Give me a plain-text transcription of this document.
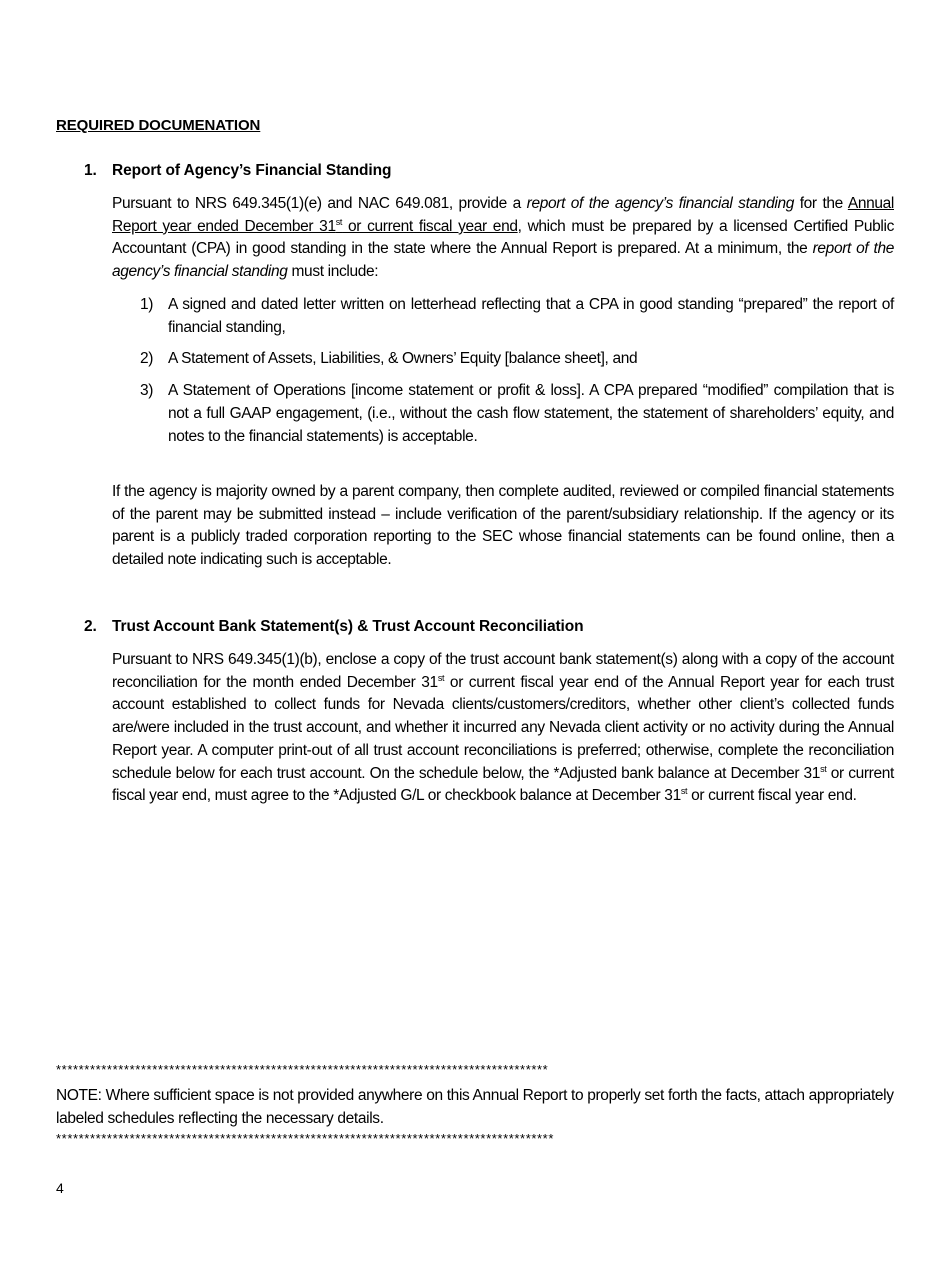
REQUIRED DOCUMENATION
1. Report of Agency’s Financial Standing

Pursuant to NRS 649.345(1)(e) and NAC 649.081, provide a report of the agency’s financial standing for the Annual Report year ended December 31st or current fiscal year end, which must be prepared by a licensed Certified Public Accountant (CPA) in good standing in the state where the Annual Report is prepared. At a minimum, the report of the agency’s financial standing must include:

1) A signed and dated letter written on letterhead reflecting that a CPA in good standing “prepared” the report of financial standing,
2) A Statement of Assets, Liabilities, & Owners’ Equity [balance sheet], and
3) A Statement of Operations [income statement or profit & loss]. A CPA prepared “modified” compilation that is not a full GAAP engagement, (i.e., without the cash flow statement, the statement of shareholders’ equity, and notes to the financial statements) is acceptable.

If the agency is majority owned by a parent company, then complete audited, reviewed or compiled financial statements of the parent may be submitted instead – include verification of the parent/subsidiary relationship. If the agency or its parent is a publicly traded corporation reporting to the SEC whose financial statements can be found online, then a detailed note indicating such is acceptable.

2. Trust Account Bank Statement(s) & Trust Account Reconciliation

Pursuant to NRS 649.345(1)(b), enclose a copy of the trust account bank statement(s) along with a copy of the account reconciliation for the month ended December 31st or current fiscal year end of the Annual Report year for each trust account established to collect funds for Nevada clients/customers/creditors, whether other client’s collected funds are/were included in the trust account, and whether it incurred any Nevada client activity or no activity during the Annual Report year. A computer print-out of all trust account reconciliations is preferred; otherwise, complete the reconciliation schedule below for each trust account. On the schedule below, the *Adjusted bank balance at December 31st or current fiscal year end, must agree to the *Adjusted G/L or checkbook balance at December 31st or current fiscal year end.

***************************************************************************************
NOTE: Where sufficient space is not provided anywhere on this Annual Report to properly set forth the facts, attach appropriately labeled schedules reflecting the necessary details.
****************************************************************************************
4
